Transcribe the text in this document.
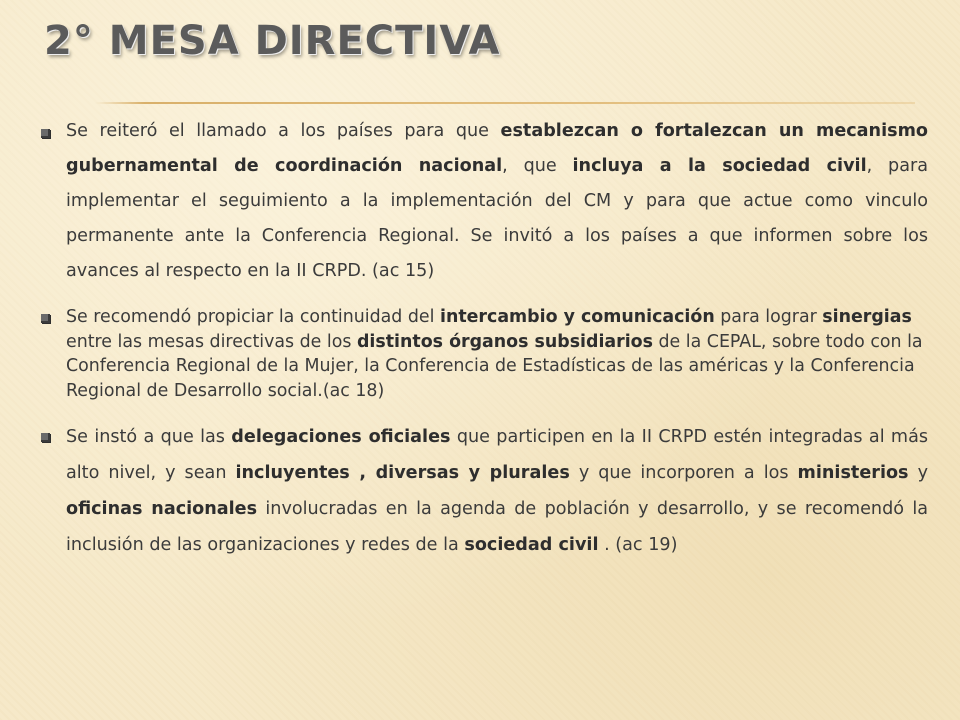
2° MESA DIRECTIVA
Se reiteró el llamado a los países para que establezcan o fortalezcan un mecanismo gubernamental de coordinación nacional, que incluya a la sociedad civil, para implementar el seguimiento a la implementación del CM y para que actue como vinculo permanente ante la Conferencia Regional. Se invitó a los países a que informen sobre los avances al respecto en la II CRPD. (ac 15)
Se recomendó propiciar la continuidad del intercambio y comunicación para lograr sinergias entre las mesas directivas de los distintos órganos subsidiarios de la CEPAL, sobre todo con la Conferencia Regional de la Mujer, la Conferencia de Estadísticas de las américas y la Conferencia Regional de Desarrollo social.(ac 18)
Se instó a que las delegaciones oficiales que participen en la II CRPD estén integradas al más alto nivel, y sean incluyentes , diversas y plurales y que incorporen a los ministerios y oficinas nacionales involucradas en la agenda de población y desarrollo, y se recomendó la inclusión de las organizaciones y redes de la sociedad civil . (ac 19)
